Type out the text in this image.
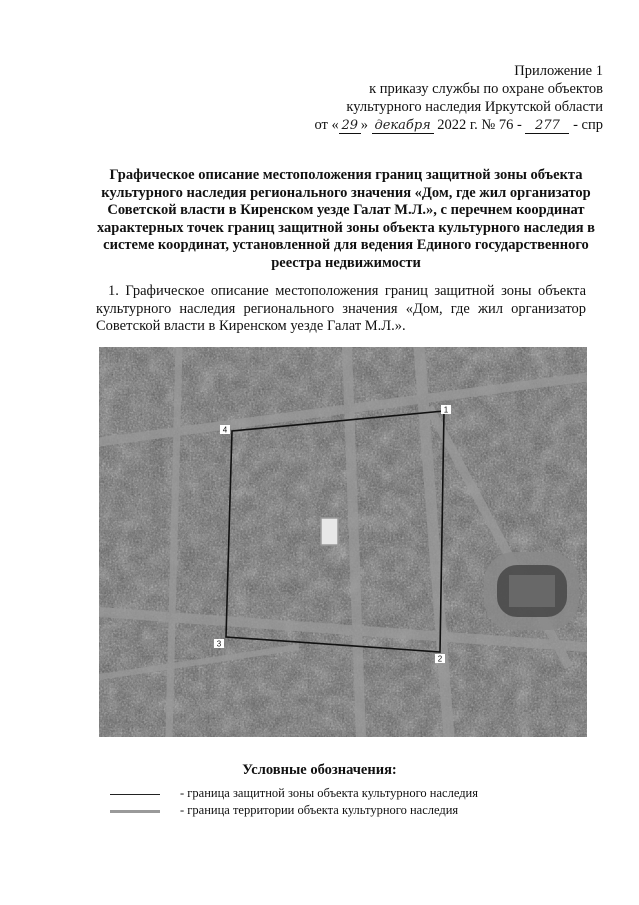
Приложение 1
к приказу службы по охране объектов
культурного наследия Иркутской области
от « 29 » декабря 2022 г. № 76 - 277 - спр
Графическое описание местоположения границ защитной зоны объекта культурного наследия регионального значения «Дом, где жил организатор Советской власти в Киренском уезде Галат М.Л.», с перечнем координат характерных точек границ защитной зоны объекта культурного наследия в системе координат, установленной для ведения Единого государственного реестра недвижимости
1. Графическое описание местоположения границ защитной зоны объекта культурного наследия регионального значения «Дом, где жил организатор Советской власти в Киренском уезде Галат М.Л.».
1
2
3
4
Условные обозначения:
- граница защитной зоны объекта культурного наследия
- граница территории объекта культурного наследия
